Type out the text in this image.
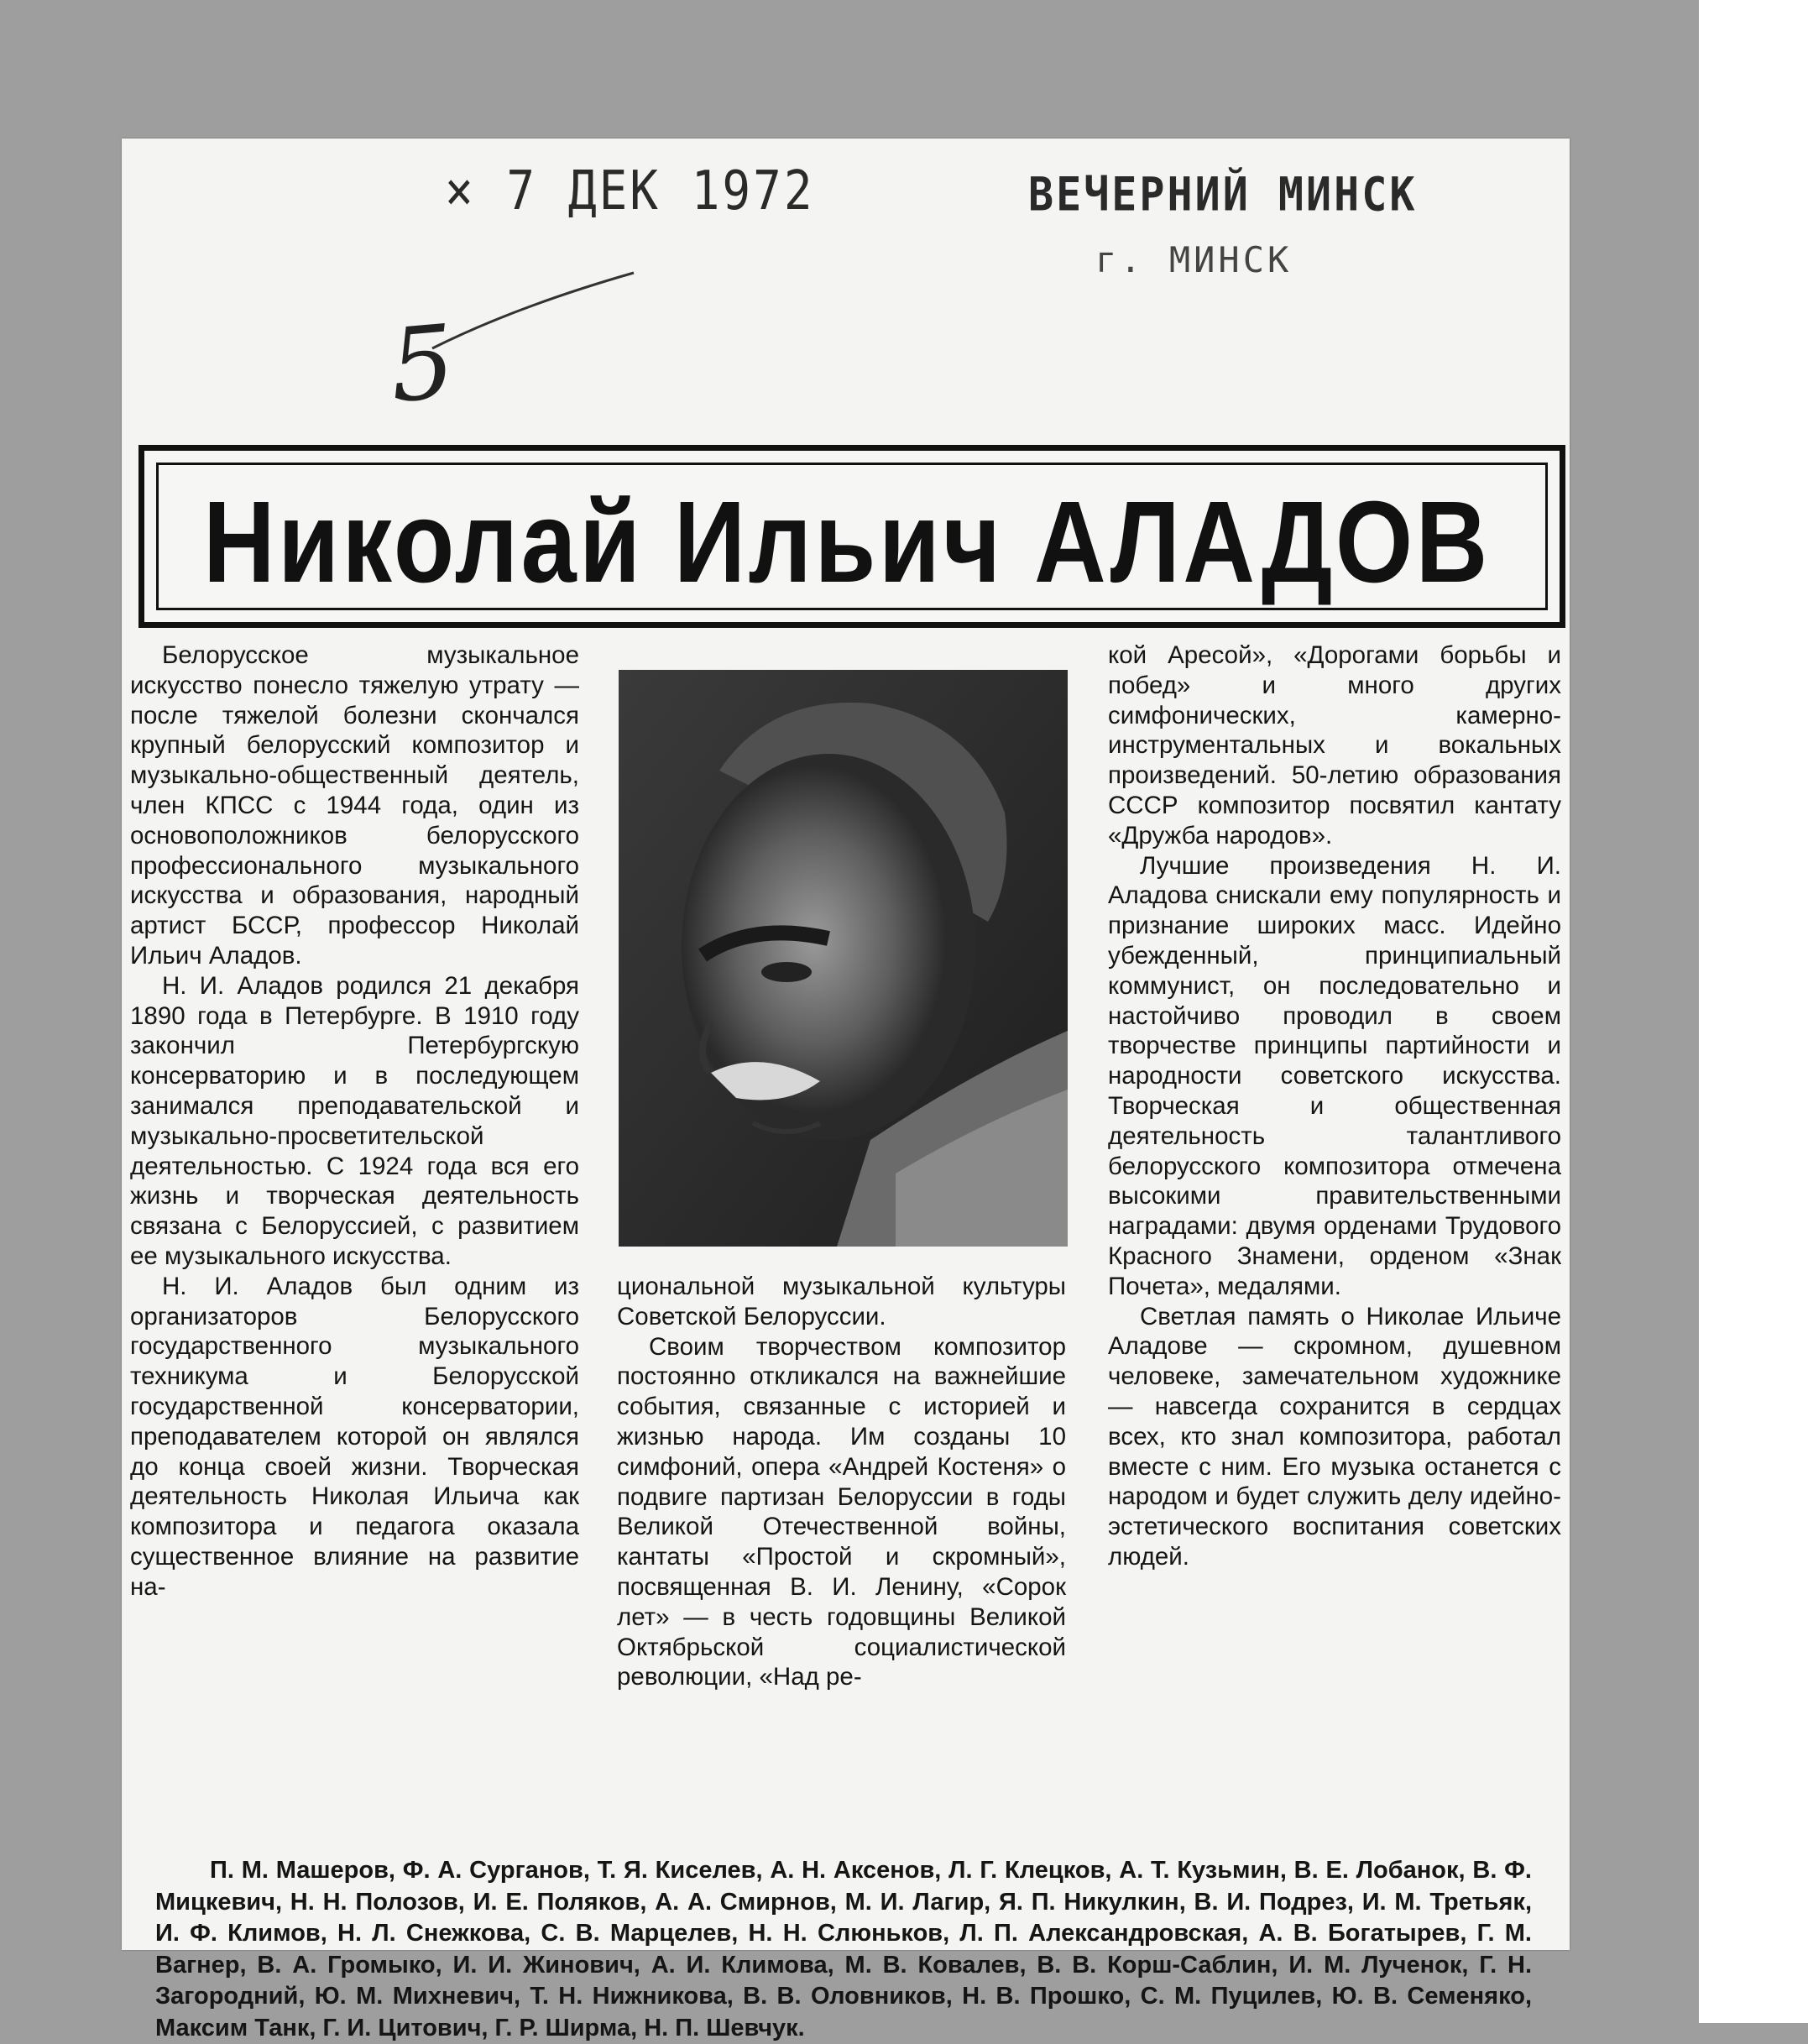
× 7 ДЕК 1972	ВЕЧЕРНИЙ МИНСК
г. МИНСК
5
Николай Ильич АЛАДОВ

Белорусское музыкальное искусство понесло тяжелую утрату — после тяжелой болезни скончался крупный белорусский композитор и музыкально-общественный деятель, член КПСС с 1944 года, один из основоположников белорусского профессионального музыкального искусства и образования, народный артист БССР, профессор Николай Ильич Аладов.

Н. И. Аладов родился 21 декабря 1890 года в Петербурге. В 1910 году закончил Петербургскую консерваторию и в последующем занимался преподавательской и музыкально-просветительской деятельностью. С 1924 года вся его жизнь и творческая деятельность связана с Белоруссией, с развитием ее музыкального искусства.

Н. И. Аладов был одним из организаторов Белорусского государственного музыкального техникума и Белорусской государственной консерватории, преподавателем которой он являлся до конца своей жизни. Творческая деятельность Николая Ильича как композитора и педагога оказала существенное влияние на развитие на-

циональной музыкальной культуры Советской Белоруссии.

Своим творчеством композитор постоянно откликался на важнейшие события, связанные с историей и жизнью народа. Им созданы 10 симфоний, опера «Андрей Костеня» о подвиге партизан Белоруссии в годы Великой Отечественной войны, кантаты «Простой и скромный», посвященная В. И. Ленину, «Сорок лет» — в честь годовщины Великой Октябрьской социалистической революции, «Над ре-

кой Аресой», «Дорогами борьбы и побед» и много других симфонических, камерно-инструментальных и вокальных произведений. 50-летию образования СССР композитор посвятил кантату «Дружба народов».

Лучшие произведения Н. И. Аладова снискали ему популярность и признание широких масс. Идейно убежденный, принципиальный коммунист, он последовательно и настойчиво проводил в своем творчестве принципы партийности и народности советского искусства. Творческая и общественная деятельность талантливого белорусского композитора отмечена высокими правительственными наградами: двумя орденами Трудового Красного Знамени, орденом «Знак Почета», медалями.

Светлая память о Николае Ильиче Аладове — скромном, душевном человеке, замечательном художнике — навсегда сохранится в сердцах всех, кто знал композитора, работал вместе с ним. Его музыка останется с народом и будет служить делу идейно-эстетического воспитания советских людей.

П. М. Машеров, Ф. А. Сурганов, Т. Я. Киселев, А. Н. Аксенов, Л. Г. Клецков, А. Т. Кузьмин, В. Е. Лобанок, В. Ф. Мицкевич, Н. Н. Полозов, И. Е. Поляков, А. А. Смирнов, М. И. Лагир, Я. П. Никулкин, В. И. Подрез, И. М. Третьяк, И. Ф. Климов, Н. Л. Снежкова, С. В. Марцелев, Н. Н. Слюньков, Л. П. Александровская, А. В. Богатырев, Г. М. Вагнер, В. А. Громыко, И. И. Жинович, А. И. Климова, М. В. Ковалев, В. В. Корш-Саблин, И. М. Лученок, Г. Н. Загородний, Ю. М. Михневич, Т. Н. Нижникова, В. В. Оловников, Н. В. Прошко, С. М. Пуцилев, Ю. В. Семеняко, Максим Танк, Г. И. Цитович, Г. Р. Ширма, Н. П. Шевчук.
